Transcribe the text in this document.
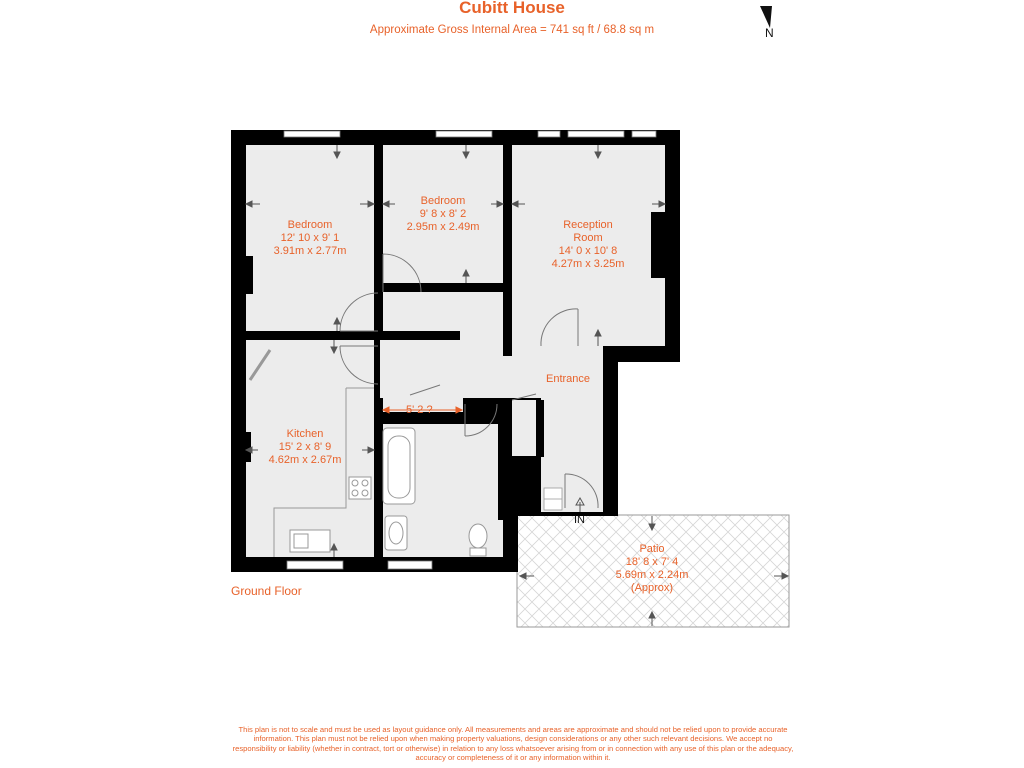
Cubitt House
Approximate Gross Internal Area = 741 sq ft / 68.8 sq m	N
Bedroom
12' 10 x 9' 1
3.91m x 2.77m
Bedroom
9' 8 x 8' 2
2.95m x 2.49m	Reception
Room
14' 0 x 10' 8
4.27m x 3.25m
Entrance
Kitchen
15' 2 x 8' 9
4.62m x 2.67m
Patio
18' 8 x 7' 4
5.69m x 2.24m
(Approx)
5' 2 ?
IN
Ground Floor
This plan is not to scale and must be used as layout guidance only. All measurements and areas are approximate and should not be relied upon to provide accurate information. This plan must not be relied upon when making property valuations, design considerations or any other such relevant decisions. We accept no responsibility or liability (whether in contract, tort or otherwise) in relation to any loss whatsoever arising from or in connection with any use of this plan or the adequacy, accuracy or completeness of it or any information within it.
